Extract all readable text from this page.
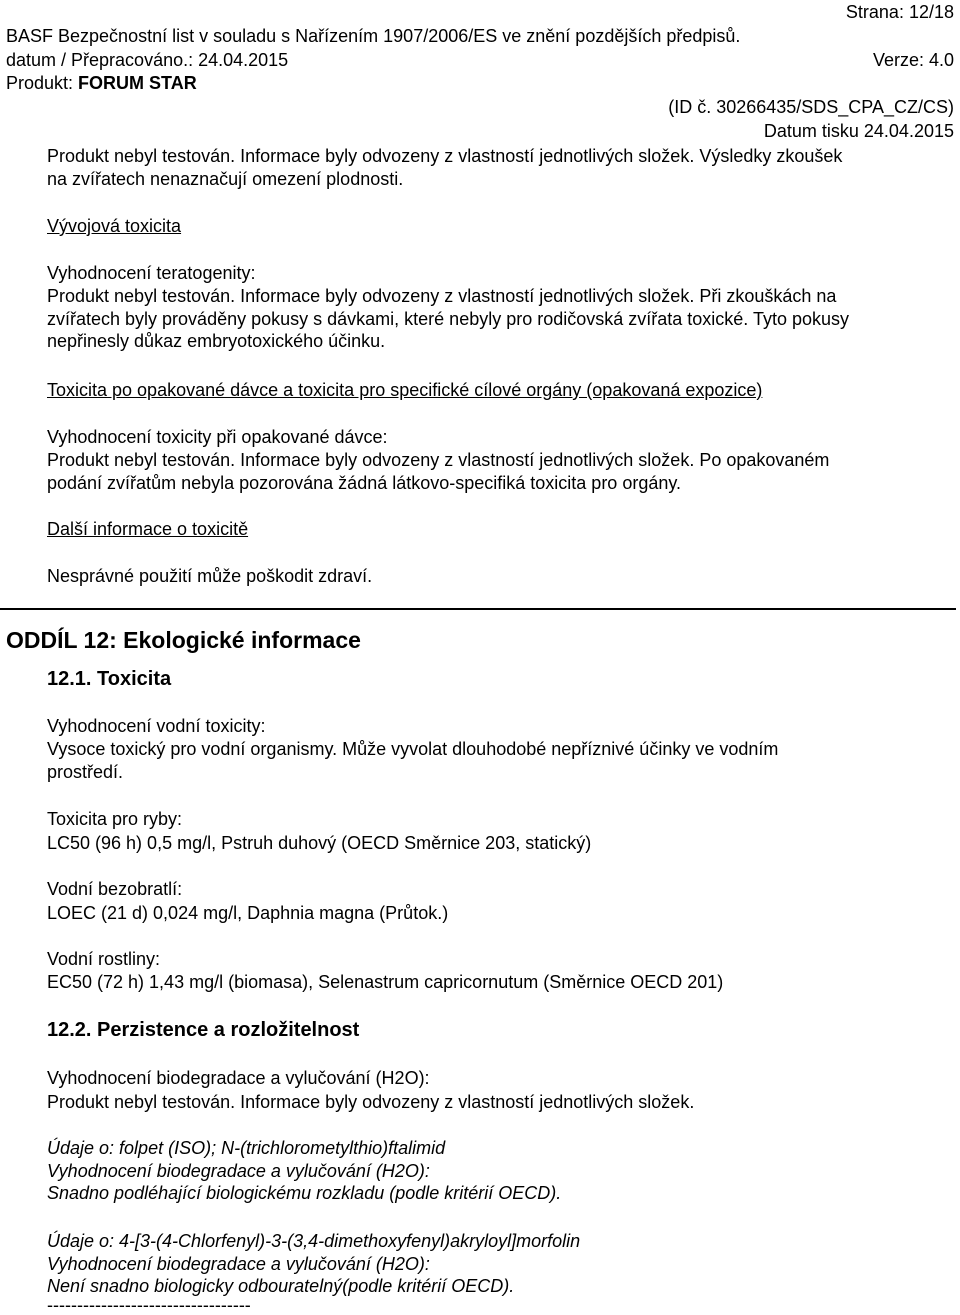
Strana: 12/18
BASF Bezpečnostní list v souladu s Nařízením 1907/2006/ES ve znění pozdějších předpisů.
datum / Přepracováno.: 24.04.2015	Verze: 4.0
Produkt: FORUM STAR
(ID č. 30266435/SDS_CPA_CZ/CS)
Datum tisku 24.04.2015
Produkt nebyl testován. Informace byly odvozeny z vlastností jednotlivých složek. Výsledky zkoušek
na zvířatech nenaznačují omezení plodnosti.
Vývojová toxicita
Vyhodnocení teratogenity:
Produkt nebyl testován. Informace byly odvozeny z vlastností jednotlivých složek. Při zkouškách na
zvířatech byly prováděny pokusy s dávkami, které nebyly pro rodičovská zvířata toxické. Tyto pokusy
nepřinesly důkaz embryotoxického účinku.
Toxicita po opakované dávce a toxicita pro specifické cílové orgány (opakovaná expozice)
Vyhodnocení toxicity při opakované dávce:
Produkt nebyl testován. Informace byly odvozeny z vlastností jednotlivých složek. Po opakovaném
podání zvířatům nebyla pozorována žádná látkovo-specifiká toxicita pro orgány.
Další informace o toxicitě
Nesprávné použití může poškodit zdraví.
ODDÍL 12: Ekologické informace
12.1. Toxicita
Vyhodnocení vodní toxicity:
Vysoce toxický pro vodní organismy. Může vyvolat dlouhodobé nepříznivé účinky ve vodním
prostředí.
Toxicita pro ryby:
LC50 (96 h) 0,5 mg/l, Pstruh duhový (OECD Směrnice 203, statický)
Vodní bezobratlí:
LOEC (21 d) 0,024 mg/l, Daphnia magna (Průtok.)
Vodní rostliny:
EC50 (72 h) 1,43 mg/l (biomasa), Selenastrum capricornutum (Směrnice OECD 201)
12.2. Perzistence a rozložitelnost
Vyhodnocení biodegradace a vylučování (H2O):
Produkt nebyl testován. Informace byly odvozeny z vlastností jednotlivých složek.
Údaje o: folpet (ISO); N-(trichlorometylthio)ftalimid
Vyhodnocení biodegradace a vylučování (H2O):
Snadno podléhající biologickému rozkladu (podle kritérií OECD).
Údaje o: 4-[3-(4-Chlorfenyl)-3-(3,4-dimethoxyfenyl)akryloyl]morfolin
Vyhodnocení biodegradace a vylučování (H2O):
Není snadno biologicky odbouratelný(podle kritérií OECD).
----------------------------------
